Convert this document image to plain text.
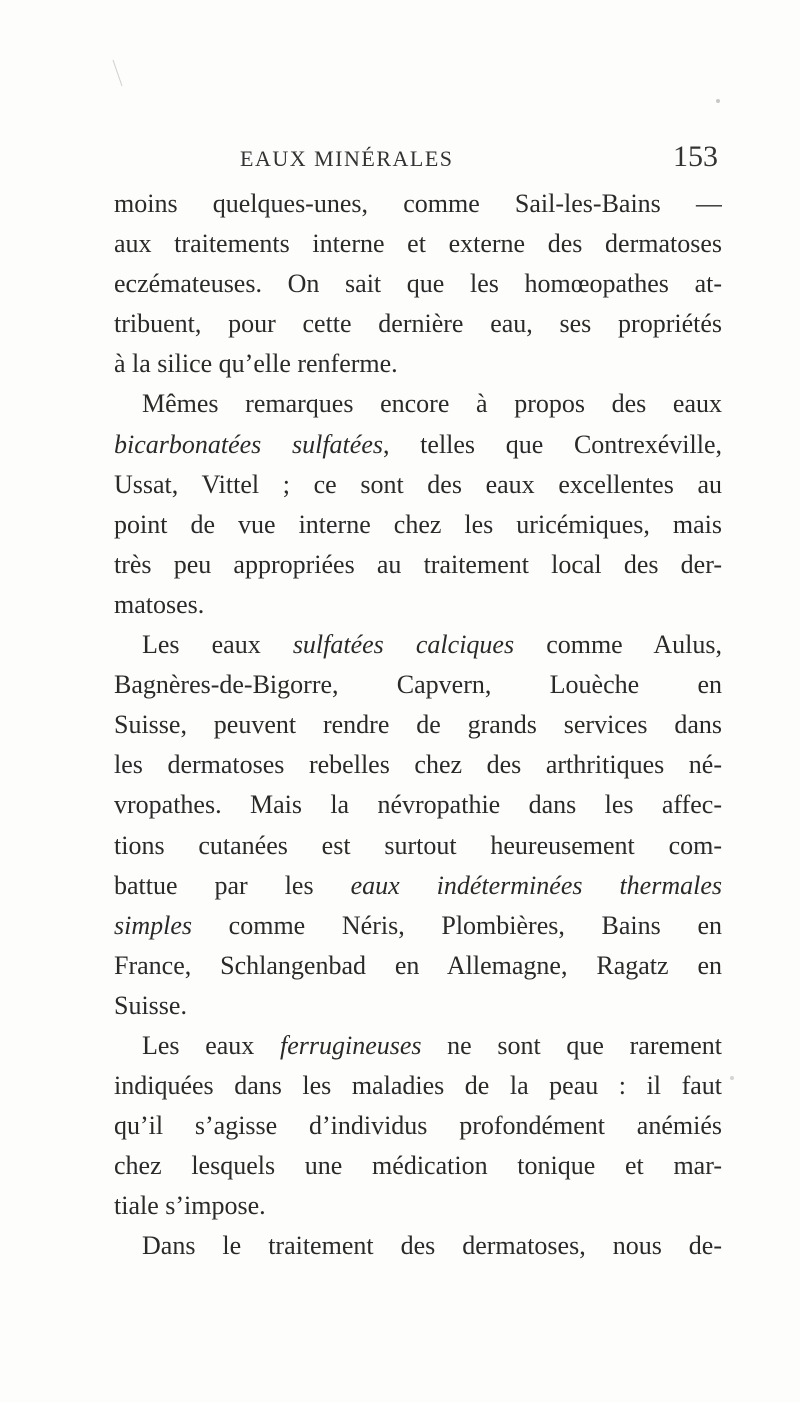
EAUX MINÉRALES	153
moins quelques-unes, comme Sail-les-Bains —
aux traitements interne et externe des dermatoses
eczémateuses. On sait que les homœopathes at-
tribuent, pour cette dernière eau, ses propriétés
à la silice qu’elle renferme.
Mêmes remarques encore à propos des eaux
bicarbonatées sulfatées, telles que Contrexéville,
Ussat, Vittel ; ce sont des eaux excellentes au
point de vue interne chez les uricémiques, mais
très peu appropriées au traitement local des der-
matoses.
Les eaux sulfatées calciques comme Aulus,
Bagnères-de-Bigorre, Capvern, Louèche en
Suisse, peuvent rendre de grands services dans
les dermatoses rebelles chez des arthritiques né-
vropathes. Mais la névropathie dans les affec-
tions cutanées est surtout heureusement com-
battue par les eaux indéterminées thermales
simples comme Néris, Plombières, Bains en
France, Schlangenbad en Allemagne, Ragatz en
Suisse.
Les eaux ferrugineuses ne sont que rarement
indiquées dans les maladies de la peau : il faut
qu’il s’agisse d’individus profondément anémiés
chez lesquels une médication tonique et mar-
tiale s’impose.
Dans le traitement des dermatoses, nous de-
